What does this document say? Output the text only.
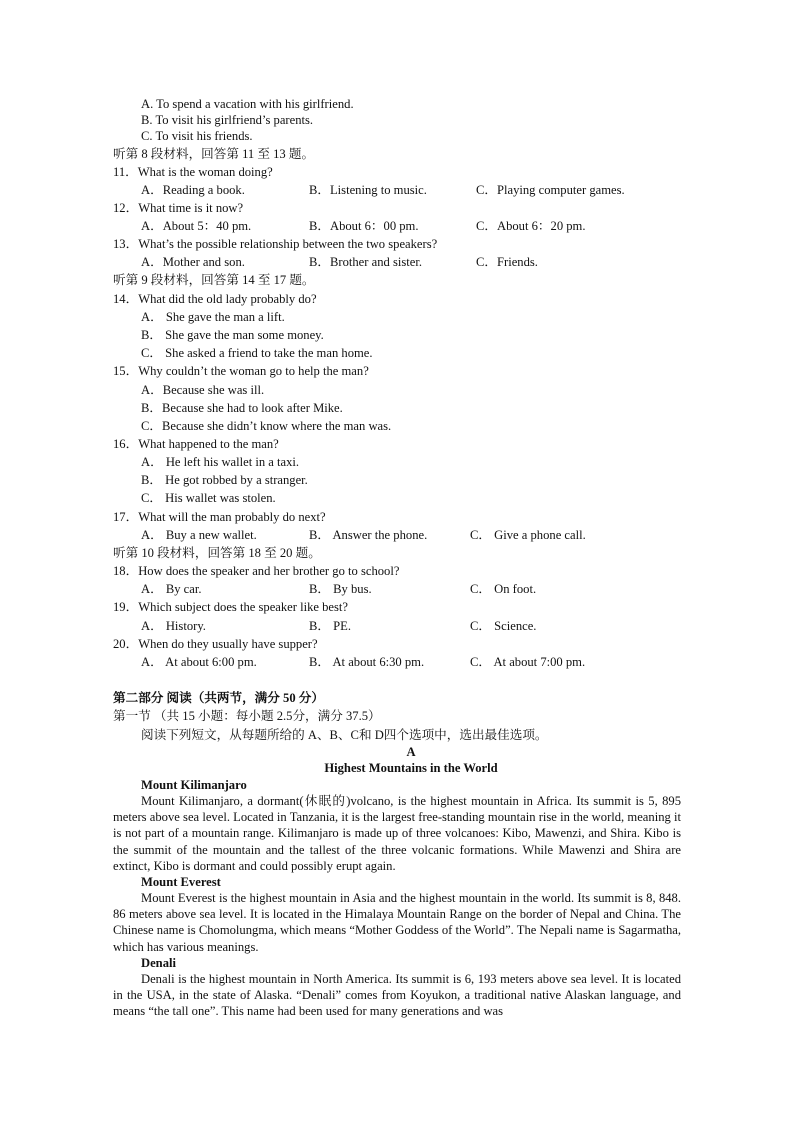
A. To spend a vacation with his girlfriend.
B. To visit his girlfriend’s parents.
C. To visit his friends.
听第 8 段材料，回答第 11 至 13 题。
11．What is the woman doing?
A．Reading a book.	B．Listening to music.	C．Playing computer games.
12．What time is it now?
A．About 5：40 pm.	B．About 6：00 pm.	C．About 6：20 pm.
13．What’s the possible relationship between the two speakers?
A．Mother and son.	B．Brother and sister.	C．Friends.
听第 9 段材料，回答第 14 至 17 题。
14．What did the old lady probably do?
A． She gave the man a lift.
B． She gave the man some money.
C． She asked a friend to take the man home.
15．Why couldn’t the woman go to help the man?
A．Because she was ill.
B．Because she had to look after Mike.
C．Because she didn’t know where the man was.
16．What happened to the man?
A． He left his wallet in a taxi.
B． He got robbed by a stranger.
C． His wallet was stolen.
17．What will the man probably do next?
A． Buy a new wallet.	B． Answer the phone.	C． Give a phone call.
听第 10 段材料，回答第 18 至 20 题。
18．How does the speaker and her brother go to school?
A． By car.	B． By bus.	C． On foot.
19．Which subject does the speaker like best?
A． History.	B． PE.	C． Science.
20．When do they usually have supper?
A． At about 6:00 pm.	B． At about 6:30 pm.	C． At about 7:00 pm.
第二部分 阅读（共两节，满分 50 分）
第一节 （共 15 小题：每小题 2.5分，满分 37.5）
阅读下列短文，从每题所给的 A、B、C和 D四个选项中，选出最佳选项。
A
Highest Mountains in the World
Mount Kilimanjaro
Mount Kilimanjaro, a dormant(休眠的)volcano, is the highest mountain in Africa. Its summit is 5, 895 meters above sea level. Located in Tanzania, it is the largest free-standing mountain rise in the world, meaning it is not part of a mountain range. Kilimanjaro is made up of three volcanoes: Kibo, Mawenzi, and Shira. Kibo is the summit of the mountain and the tallest of the three volcanic formations. While Mawenzi and Shira are extinct, Kibo is dormant and could possibly erupt again.
Mount Everest
Mount Everest is the highest mountain in Asia and the highest mountain in the world. Its summit is 8, 848. 86 meters above sea level. It is located in the Himalaya Mountain Range on the border of Nepal and China. The Chinese name is Chomolungma, which means “Mother Goddess of the World”. The Nepali name is Sagarmatha, which has various meanings.
Denali
Denali is the highest mountain in North America. Its summit is 6, 193 meters above sea level. It is located in the USA, in the state of Alaska. “Denali” comes from Koyukon, a traditional native Alaskan language, and means “the tall one”. This name had been used for many generations and was
